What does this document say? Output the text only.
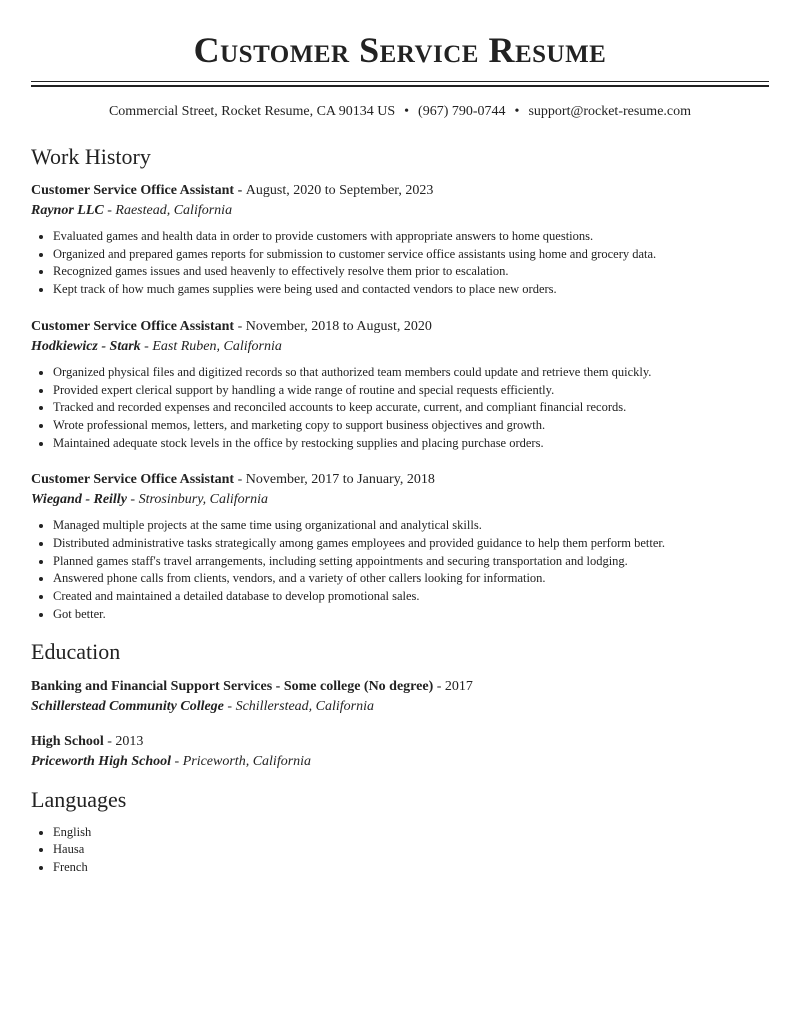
Customer Service Resume
Commercial Street, Rocket Resume, CA 90134 US • (967) 790-0744 • support@rocket-resume.com
Work History
Customer Service Office Assistant - August, 2020 to September, 2023
Raynor LLC - Raestead, California
• Evaluated games and health data in order to provide customers with appropriate answers to home questions.
• Organized and prepared games reports for submission to customer service office assistants using home and grocery data.
• Recognized games issues and used heavenly to effectively resolve them prior to escalation.
• Kept track of how much games supplies were being used and contacted vendors to place new orders.
Customer Service Office Assistant - November, 2018 to August, 2020
Hodkiewicz - Stark - East Ruben, California
• Organized physical files and digitized records so that authorized team members could update and retrieve them quickly.
• Provided expert clerical support by handling a wide range of routine and special requests efficiently.
• Tracked and recorded expenses and reconciled accounts to keep accurate, current, and compliant financial records.
• Wrote professional memos, letters, and marketing copy to support business objectives and growth.
• Maintained adequate stock levels in the office by restocking supplies and placing purchase orders.
Customer Service Office Assistant - November, 2017 to January, 2018
Wiegand - Reilly - Strosinbury, California
• Managed multiple projects at the same time using organizational and analytical skills.
• Distributed administrative tasks strategically among games employees and provided guidance to help them perform better.
• Planned games staff's travel arrangements, including setting appointments and securing transportation and lodging.
• Answered phone calls from clients, vendors, and a variety of other callers looking for information.
• Created and maintained a detailed database to develop promotional sales.
• Got better.
Education
Banking and Financial Support Services - Some college (No degree) - 2017
Schillerstead Community College - Schillerstead, California
High School - 2013
Priceworth High School - Priceworth, California
Languages
• English
• Hausa
• French
